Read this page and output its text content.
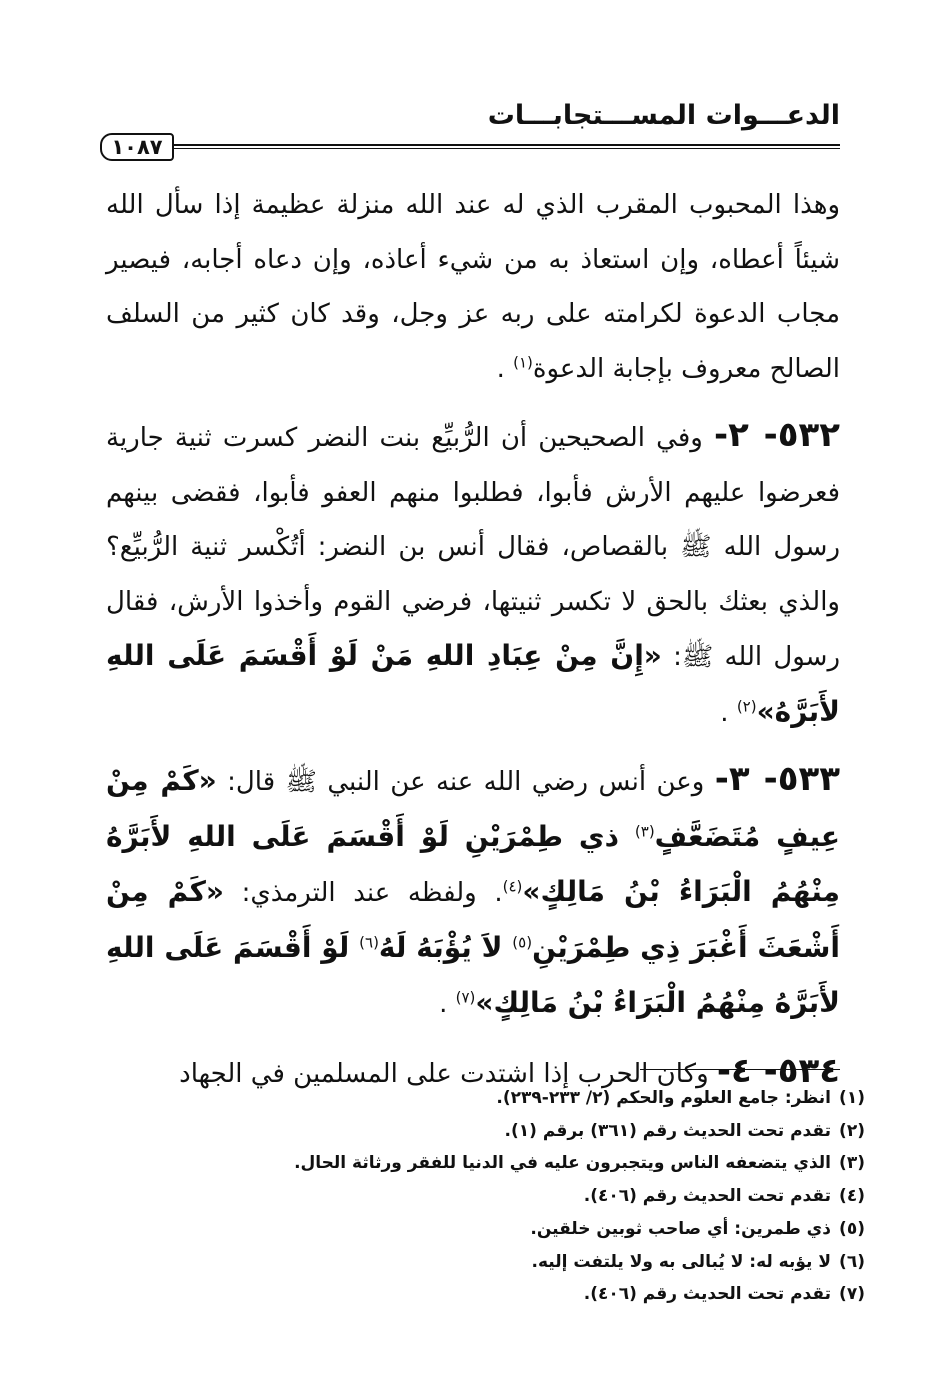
الدعـــوات المســـتجابـــات
١٠٨٧

وهذا المحبوب المقرب الذي له عند الله منزلة عظيمة إذا سأل الله شيئاً أعطاه، وإن استعاذ به من شيء أعاذه، وإن دعاه أجابه، فيصير مجاب الدعوة لكرامته على ربه عز وجل، وقد كان كثير من السلف الصالح معروف بإجابة الدعوة$^{(١)}$ .

٥٣٢- ٢- وفي الصحيحين أن الرُّبيِّع بنت النضر كسرت ثنية جارية فعرضوا عليهم الأرش فأبوا، فطلبوا منهم العفو فأبوا، فقضى بينهم رسول الله ﷺ بالقصاص، فقال أنس بن النضر: أتُكْسر ثنية الرُّبيِّع؟ والذي بعثك بالحق لا تكسر ثنيتها، فرضي القوم وأخذوا الأرش، فقال رسول الله ﷺ: «إِنَّ مِنْ عِبَادِ اللهِ مَنْ لَوْ أَقْسَمَ عَلَى اللهِ لأَبَرَّهُ»$^{(٢)}$ .

٥٣٣- ٣- وعن أنس رضي الله عنه عن النبي ﷺ قال: «كَمْ مِنْ عِيفٍ مُتَضَعَّفٍ$^{(٣)}$ ذي طِمْرَيْنِ لَوْ أَقْسَمَ عَلَى اللهِ لأَبَرَّهُ مِنْهُمُ الْبَرَاءُ بْنُ مَالِكٍ»$^{(٤)}$. ولفظه عند الترمذي: «كَمْ مِنْ أَشْعَثَ أَغْبَرَ ذِي طِمْرَيْنِ$^{(٥)}$ لاَ يُؤْبَهُ لَهُ$^{(٦)}$ لَوْ أَقْسَمَ عَلَى اللهِ لأَبَرَّهُ مِنْهُمُ الْبَرَاءُ بْنُ مَالِكٍ»$^{(٧)}$ .

٥٣٤- ٤- وكان الحرب إذا اشتدت على المسلمين في الجهاد

(١)انظر: جامع العلوم والحكم (٢/ ٢٣٣-٢٣٩).

(٢)تقدم تحت الحديث رقم (٣٦١) برقم (١).

(٣)الذي يتضعفه الناس ويتجبرون عليه في الدنيا للفقر ورثاثة الحال.

(٤)تقدم تحت الحديث رقم (٤٠٦).

(٥)ذي طمرين: أي صاحب ثوبين خلقين.

(٦)لا يؤبه له: لا يُبالى به ولا يلتفت إليه.

(٧)تقدم تحت الحديث رقم (٤٠٦).
